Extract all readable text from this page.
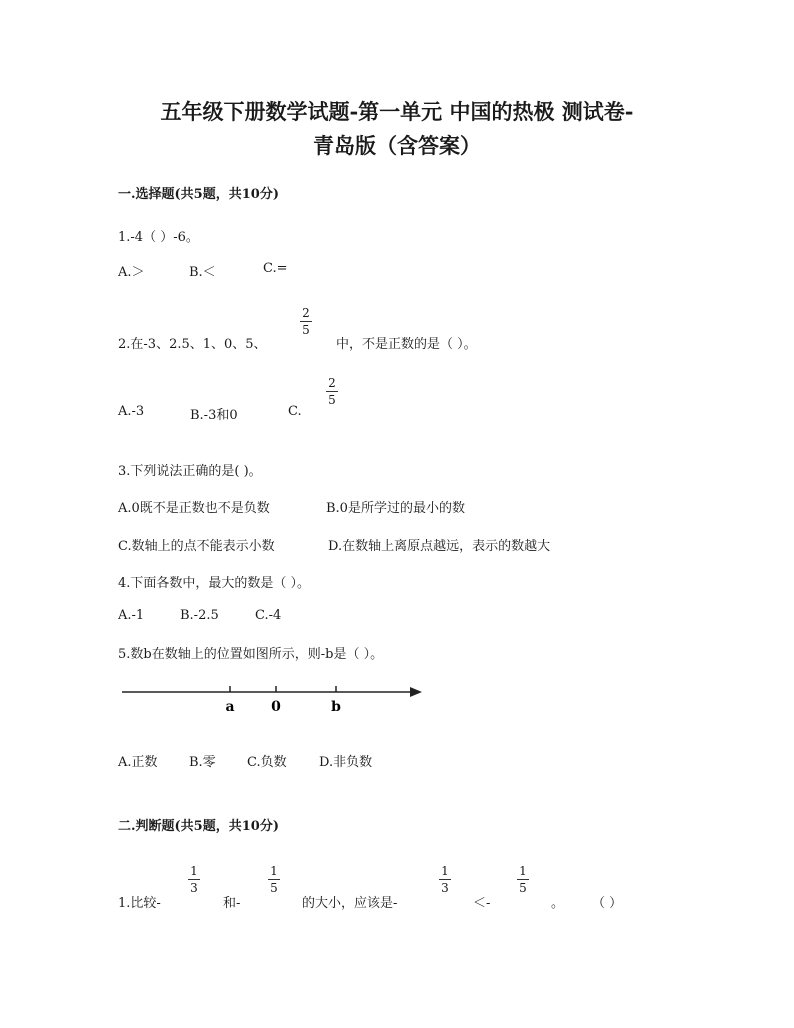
五年级下册数学试题-第一单元 中国的热极 测试卷-
青岛版（含答案）
一.选择题(共5题，共10分)
1.-4（ ）-6。
A.＞	B.＜	C.=
2.在-3、2.5、1、0、5、
2
5
中，不是正数的是（ ）。
A.-3	B.-3和0	C.
2
5
3.下列说法正确的是( )。
A.0既不是正数也不是负数	B.0是所学过的最小的数
C.数轴上的点不能表示小数	D.在数轴上离原点越远，表示的数越大
4.下面各数中，最大的数是（ ）。
A.-1	B.-2.5	C.-4
5.数b在数轴上的位置如图所示，则-b是（ ）。
a	0	b
A.正数 B.零 C.负数 D.非负数
二.判断题(共5题，共10分)
1.比较-
1
3
和-
1
5
的大小，应该是-
1
3
＜-
1
5
。 （ ）
